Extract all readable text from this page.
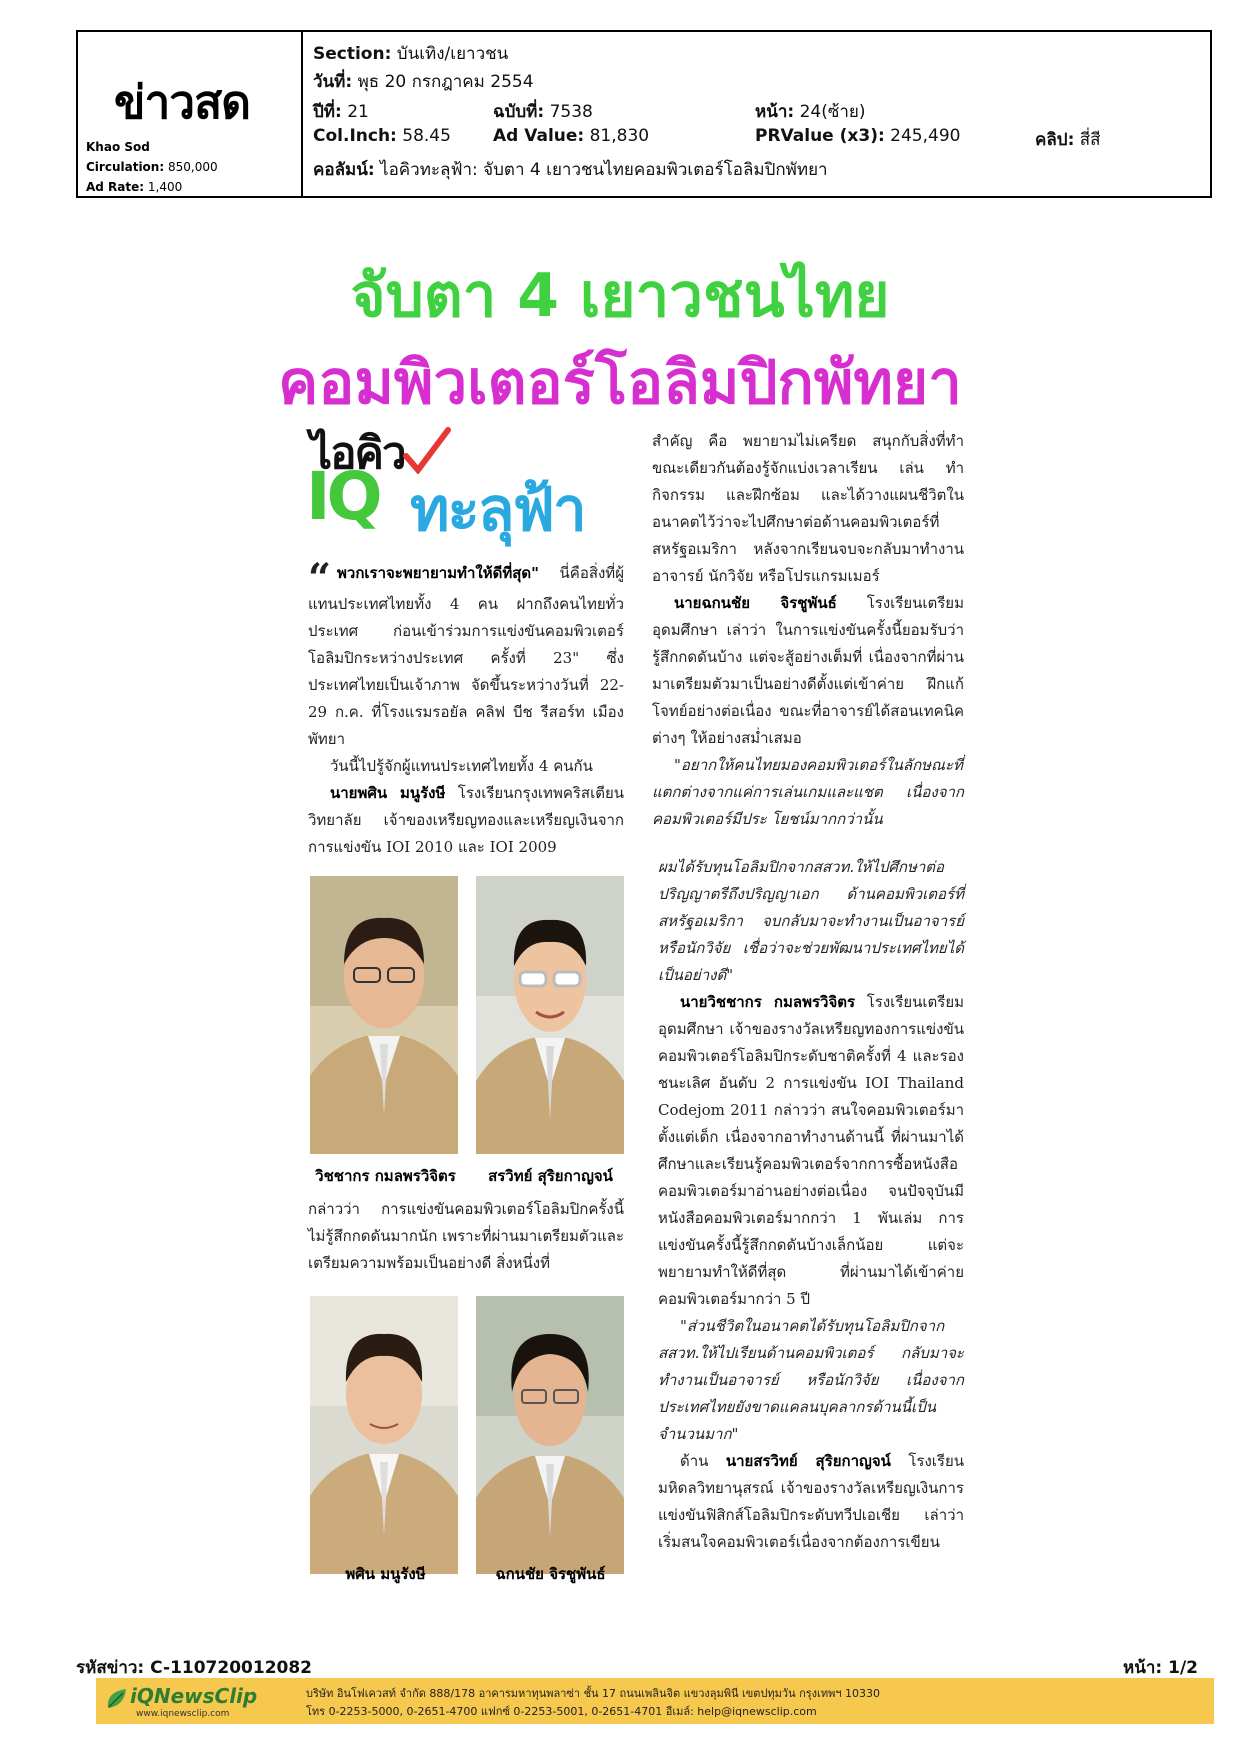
ข่าวสด
Khao Sod
Circulation: 850,000
Ad Rate: 1,400
Section: บันเทิง/เยาวชน
วันที่: พุธ 20 กรกฎาคม 2554
ปีที่: 21	ฉบับที่: 7538	หน้า: 24(ซ้าย)
Col.Inch: 58.45 Ad Value: 81,830	PRValue (x3): 245,490	คลิป: สี่สี
คอลัมน์: ไอคิวทะลุฟ้า: จับตา 4 เยาวชนไทยคอมพิวเตอร์โอลิมปิกพัทยา
จับตา 4 เยาวชนไทย
คอมพิวเตอร์โอลิมปิกพัทยา
ไอคิว
IQ ทะลุฟ้า

“ พวกเราจะพยายามทำให้ดีที่สุด" นี่คือสิ่งที่ผู้แทนประเทศไทยทั้ง 4 คน ฝากถึงคนไทยทั่วประเทศ ก่อนเข้าร่วมการแข่งขันคอมพิวเตอร์โอลิมปิกระหว่างประเทศ ครั้งที่ 23" ซึ่งประเทศไทยเป็นเจ้าภาพ จัดขึ้นระหว่างวันที่ 22-29 ก.ค. ที่โรงแรมรอยัล คลิฟ บีช รีสอร์ท เมืองพัทยา

วันนี้ไปรู้จักผู้แทนประเทศไทยทั้ง 4 คนกัน

นายพศิน มนูรังษี โรงเรียนกรุงเทพคริสเตียนวิทยาลัย เจ้าของเหรียญทองและเหรียญเงินจากการแข่งขัน IOI 2010 และ IOI 2009

วิชชากร กมลพรวิจิตร	สรวิทย์ สุริยกาญจน์

กล่าวว่า การแข่งขันคอมพิวเตอร์โอลิมปิกครั้งนี้ไม่รู้สึกกดดันมากนัก เพราะที่ผ่านมาเตรียมตัวและเตรียมความพร้อมเป็นอย่างดี สิ่งหนึ่งที่

พศิน มนูรังษี	ฉกนชัย จิรชูพันธ์

สำคัญ คือ พยายามไม่เครียด สนุกกับสิ่งที่ทำ ขณะเดียวกันต้องรู้จักแบ่งเวลาเรียน เล่น ทำกิจกรรม และฝึกซ้อม และได้วางแผนชีวิตในอนาคตไว้ว่าจะไปศึกษาต่อด้านคอมพิวเตอร์ที่สหรัฐอเมริกา หลังจากเรียนจบจะกลับมาทำงานอาจารย์ นักวิจัย หรือโปรแกรมเมอร์

นายฉกนชัย จิรชูพันธ์ โรงเรียนเตรียมอุดมศึกษา เล่าว่า ในการแข่งขันครั้งนี้ยอมรับว่ารู้สึกกดดันบ้าง แต่จะสู้อย่างเต็มที่ เนื่องจากที่ผ่านมาเตรียมตัวมาเป็นอย่างดีตั้งแต่เข้าค่าย ฝึกแก้โจทย์อย่างต่อเนื่อง ขณะที่อาจารย์ได้สอนเทคนิคต่างๆ ให้อย่างสม่ำเสมอ

"อยากให้คนไทยมองคอมพิวเตอร์ในลักษณะที่แตกต่างจากแค่การเล่นเกมและแชต เนื่องจากคอมพิวเตอร์มีประ โยชน์มากกว่านั้น

ผมได้รับทุนโอลิมปิกจากสสวท.ให้ไปศึกษาต่อปริญญาตรีถึงปริญญาเอก ด้านคอมพิวเตอร์ที่สหรัฐอเมริกา จบกลับมาจะทำงานเป็นอาจารย์ หรือนักวิจัย เชื่อว่าจะช่วยพัฒนาประเทศไทยได้เป็นอย่างดี"

นายวิชชากร กมลพรวิจิตร โรงเรียนเตรียมอุดมศึกษา เจ้าของรางวัลเหรียญทองการแข่งขันคอมพิวเตอร์โอลิมปิกระดับชาติครั้งที่ 4 และรองชนะเลิศ อันดับ 2 การแข่งขัน IOI Thailand Codejom 2011 กล่าวว่า สนใจคอมพิวเตอร์มาตั้งแต่เด็ก เนื่องจากอาทำงานด้านนี้ ที่ผ่านมาได้ศึกษาและเรียนรู้คอมพิวเตอร์จากการซื้อหนังสือคอมพิวเตอร์มาอ่านอย่างต่อเนื่อง จนปัจจุบันมีหนังสือคอมพิวเตอร์มากกว่า 1 พันเล่ม การแข่งขันครั้งนี้รู้สึกกดดันบ้างเล็กน้อย แต่จะพยายามทำให้ดีที่สุด ที่ผ่านมาได้เข้าค่ายคอมพิวเตอร์มากว่า 5 ปี

"ส่วนชีวิตในอนาคตได้รับทุนโอลิมปิกจากสสวท.ให้ไปเรียนด้านคอมพิวเตอร์ กลับมาจะทำงานเป็นอาจารย์ หรือนักวิจัย เนื่องจากประเทศไทยยังขาดแคลนบุคลากรด้านนี้เป็นจำนวนมาก"

ด้าน นายสรวิทย์ สุริยกาญจน์ โรงเรียนมหิดลวิทยานุสรณ์ เจ้าของรางวัลเหรียญเงินการแข่งขันฟิสิกส์โอลิมปิกระดับทวีปเอเชีย เล่าว่า เริ่มสนใจคอมพิวเตอร์เนื่องจากต้องการเขียน

รหัสข่าว: C-110720012082	หน้า: 1/2
iQNewsClip
www.iqnewsclip.com
บริษัท อินโฟเควสท์ จำกัด 888/178 อาคารมหาทุนพลาซ่า ชั้น 17 ถนนเพลินจิต แขวงลุมพินี เขตปทุมวัน กรุงเทพฯ 10330
โทร 0-2253-5000, 0-2651-4700 แฟกซ์ 0-2253-5001, 0-2651-4701 อีเมล์: help@iqnewsclip.com
